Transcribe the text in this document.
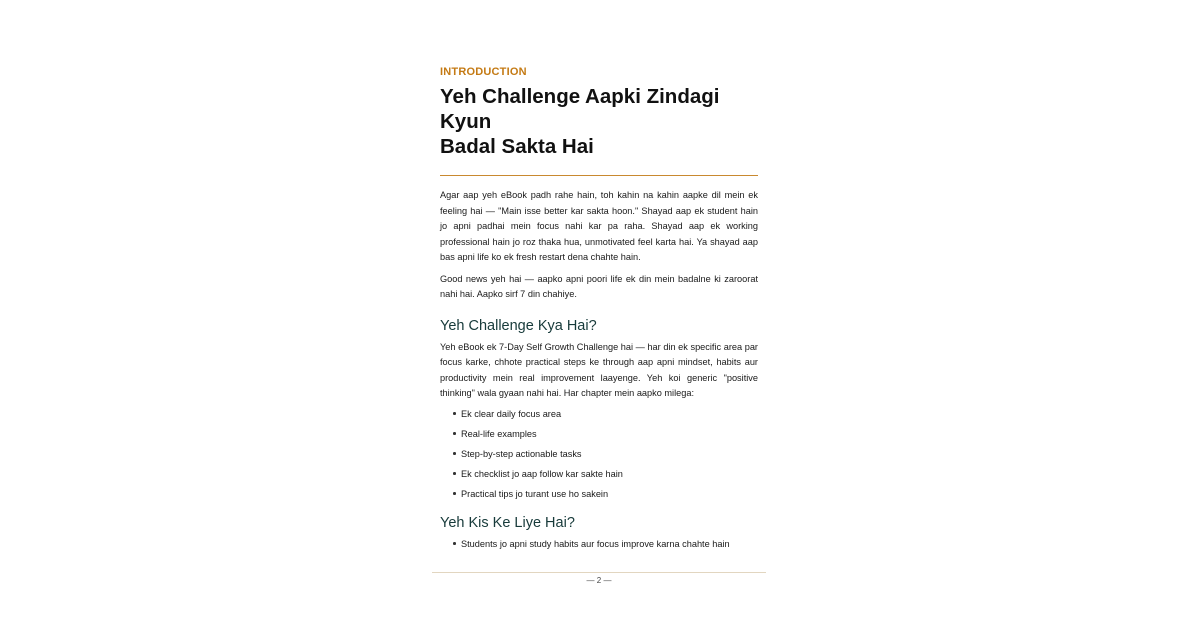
INTRODUCTION
Yeh Challenge Aapki Zindagi Kyun
Badal Sakta Hai

Agar aap yeh eBook padh rahe hain, toh kahin na kahin aapke dil mein ek feeling hai — "Main isse better kar sakta hoon." Shayad aap ek student hain jo apni padhai mein focus nahi kar pa raha. Shayad aap ek working professional hain jo roz thaka hua, unmotivated feel karta hai. Ya shayad aap bas apni life ko ek fresh restart dena chahte hain.

Good news yeh hai — aapko apni poori life ek din mein badalne ki zaroorat nahi hai. Aapko sirf 7 din chahiye.

Yeh Challenge Kya Hai?

Yeh eBook ek 7-Day Self Growth Challenge hai — har din ek specific area par focus karke, chhote practical steps ke through aap apni mindset, habits aur productivity mein real improvement laayenge. Yeh koi generic "positive thinking" wala gyaan nahi hai. Har chapter mein aapko milega:

Ek clear daily focus area
Real-life examples
Step-by-step actionable tasks
Ek checklist jo aap follow kar sakte hain
Practical tips jo turant use ho sakein
Yeh Kis Ke Liye Hai?
Students jo apni study habits aur focus improve karna chahte hain
— 2 —
